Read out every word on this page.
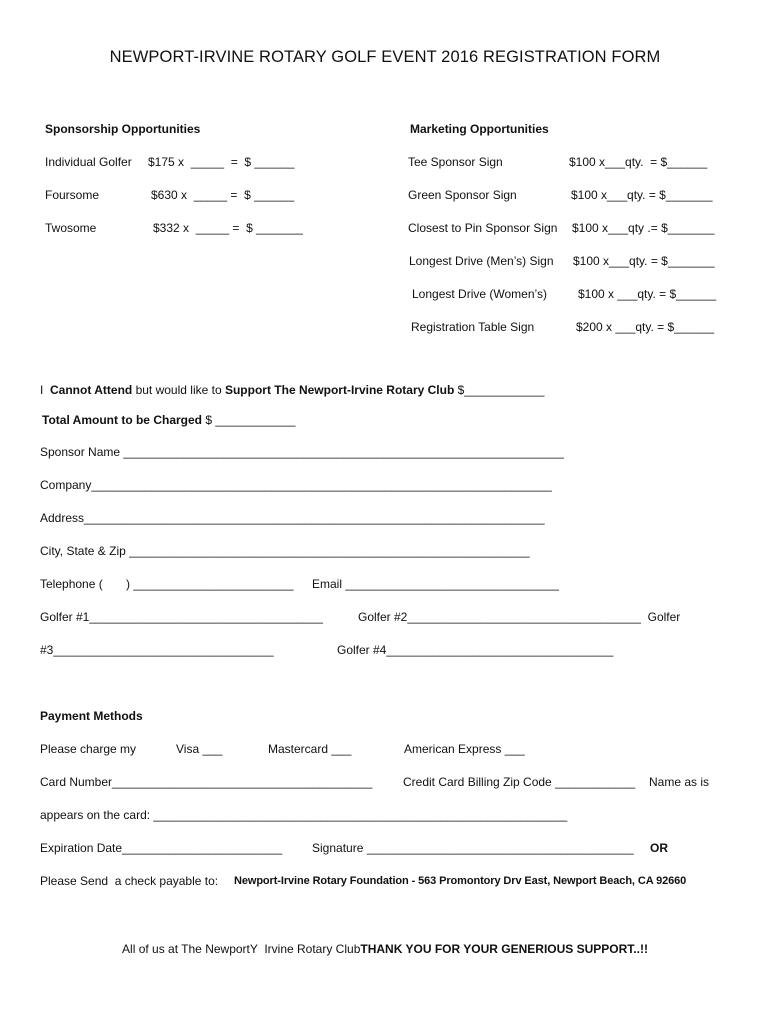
NEWPORT-IRVINE ROTARY GOLF EVENT 2016 REGISTRATION FORM
Sponsorship Opportunities
Individual Golfer $175 x  _____  =  $ ______
Foursome	$630 x  _____ =  $ ______
Twosome	$332 x  _____ =  $ _______
Marketing Opportunities
Tee Sponsor Sign	$100 x___qty.  = $______
Green Sponsor Sign	$100 x___qty. = $_______
Closest to Pin Sponsor Sign $100 x___qty .= $_______
Longest Drive (Men’s) Sign $100 x___qty. = $_______
Longest Drive (Women’s)	$100 x ___qty. = $______
Registration Table Sign	$200 x ___qty. = $______
I  Cannot Attend but would like to Support The Newport-Irvine Rotary Club $____________
Total Amount to be Charged $ ____________
Sponsor Name __________________________________________________________________
Company_____________________________________________________________________
Address_____________________________________________________________________
City, State & Zip ____________________________________________________________
Telephone (       ) ________________________ Email ________________________________
Golfer #1___________________________________	Golfer #2___________________________________  Golfer
#3_________________________________	Golfer #4__________________________________
Payment Methods
Please charge my	Visa ___	Mastercard ___	American Express ___
Card Number_______________________________________	Credit Card Billing Zip Code ____________ Name as is
appears on the card: ______________________________________________________________
Expiration Date________________________ Signature ________________________________________ OR
Please Send  a check payable to: Newport-Irvine Rotary Foundation - 563 Promontory Drv East, Newport Beach, CA 92660
All of us at The NewportY  Irvine Rotary ClubTHANK YOU FOR YOUR GENERIOUS SUPPORT..!!
